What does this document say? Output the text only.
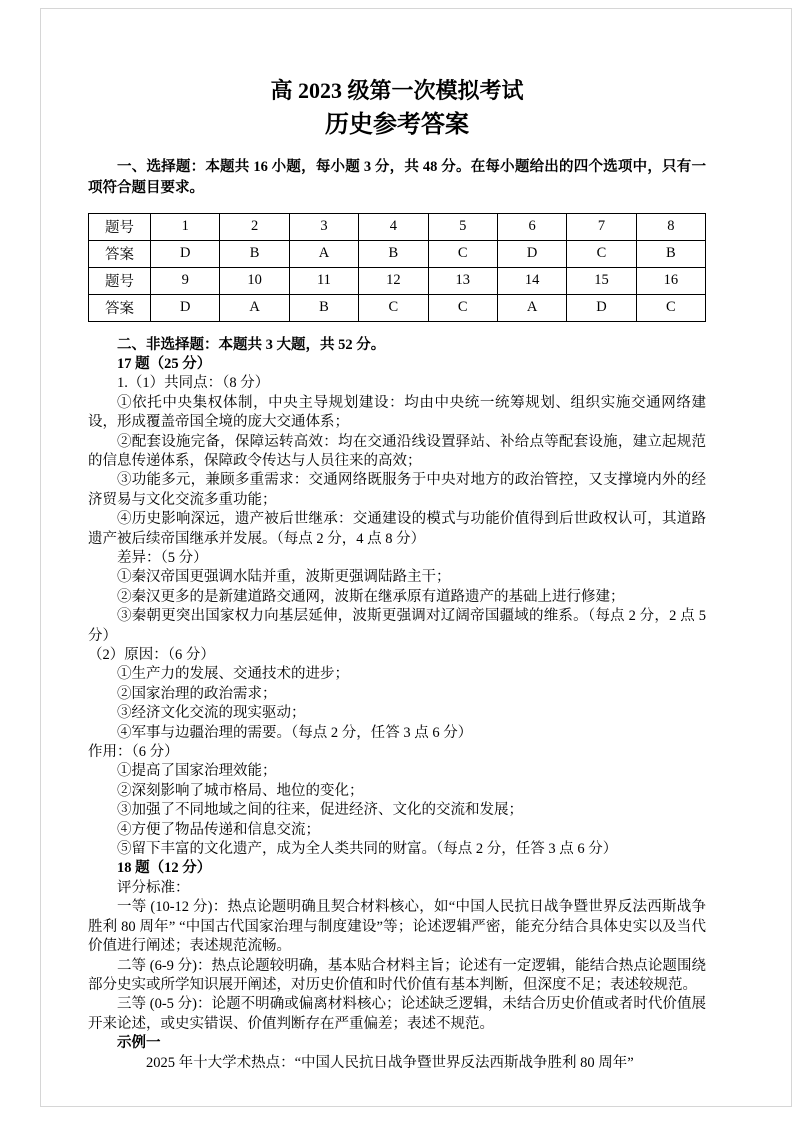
高 2023 级第一次模拟考试
历史参考答案

一、选择题：本题共 16 小题，每小题 3 分，共 48 分。在每小题给出的四个选项中，只有一项符合题目要求。

题号	1	2	3	4	5	6	7	8
答案	D	B	A	B	C	D	C	B
题号	9	10	11	12	13	14	15	16
答案	D	A	B	C	C	A	D	C

二、非选择题：本题共 3 大题，共 52 分。

17 题（25 分）

1.（1）共同点：（8 分）

①依托中央集权体制，中央主导规划建设：均由中央统一统筹规划、组织实施交通网络建设，形成覆盖帝国全境的庞大交通体系；

②配套设施完备，保障运转高效：均在交通沿线设置驿站、补给点等配套设施，建立起规范的信息传递体系，保障政令传达与人员往来的高效；

③功能多元，兼顾多重需求：交通网络既服务于中央对地方的政治管控，又支撑境内外的经济贸易与文化交流多重功能；

④历史影响深远，遗产被后世继承：交通建设的模式与功能价值得到后世政权认可，其道路遗产被后续帝国继承并发展。（每点 2 分，4 点 8 分）

差异：（5 分）

①秦汉帝国更强调水陆并重，波斯更强调陆路主干；

②秦汉更多的是新建道路交通网，波斯在继承原有道路遗产的基础上进行修建；

③秦朝更突出国家权力向基层延伸，波斯更强调对辽阔帝国疆域的维系。（每点 2 分，2 点 5 分）

（2）原因：（6 分）

①生产力的发展、交通技术的进步；

②国家治理的政治需求；

③经济文化交流的现实驱动；

④军事与边疆治理的需要。（每点 2 分，任答 3 点 6 分）

作用：（6 分）

①提高了国家治理效能；

②深刻影响了城市格局、地位的变化；

③加强了不同地域之间的往来，促进经济、文化的交流和发展；

④方便了物品传递和信息交流；

⑤留下丰富的文化遗产，成为全人类共同的财富。（每点 2 分，任答 3 点 6 分）

18 题（12 分）

评分标准：

一等 (10-12 分)：热点论题明确且契合材料核心，如“中国人民抗日战争暨世界反法西斯战争胜利 80 周年” “中国古代国家治理与制度建设”等；论述逻辑严密，能充分结合具体史实以及当代价值进行阐述；表述规范流畅。

二等 (6-9 分)：热点论题较明确，基本贴合材料主旨；论述有一定逻辑，能结合热点论题围绕部分史实或所学知识展开阐述，对历史价值和时代价值有基本判断，但深度不足；表述较规范。

三等 (0-5 分)：论题不明确或偏离材料核心；论述缺乏逻辑，未结合历史价值或者时代价值展开来论述，或史实错误、价值判断存在严重偏差；表述不规范。

示例一

2025 年十大学术热点：“中国人民抗日战争暨世界反法西斯战争胜利 80 周年”
